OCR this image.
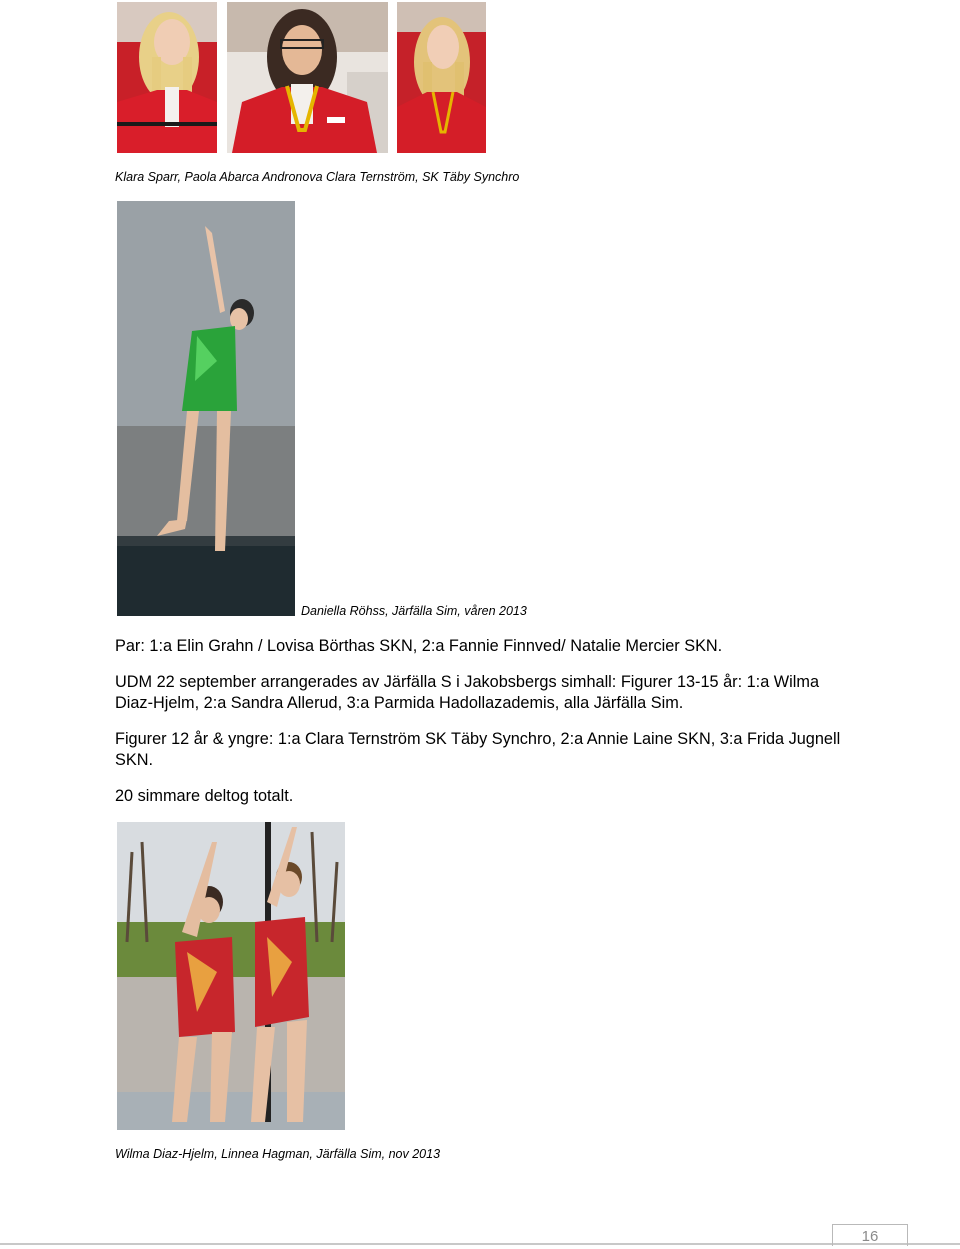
Klara Sparr, Paola Abarca Andronova Clara Ternström, SK Täby Synchro
Daniella Röhss, Järfälla Sim, våren 2013
Par: 1:a Elin Grahn / Lovisa Börthas SKN, 2:a Fannie Finnved/ Natalie Mercier SKN.
UDM 22 september arrangerades av Järfälla S i Jakobsbergs simhall: Figurer 13-15 år: 1:a Wilma Diaz-Hjelm, 2:a Sandra Allerud, 3:a Parmida Hadollazademis, alla Järfälla Sim.
Figurer 12 år & yngre: 1:a Clara Ternström SK Täby Synchro, 2:a Annie Laine SKN, 3:a Frida Jugnell SKN.
20 simmare deltog totalt.
Wilma Diaz-Hjelm, Linnea Hagman, Järfälla Sim, nov 2013
16
